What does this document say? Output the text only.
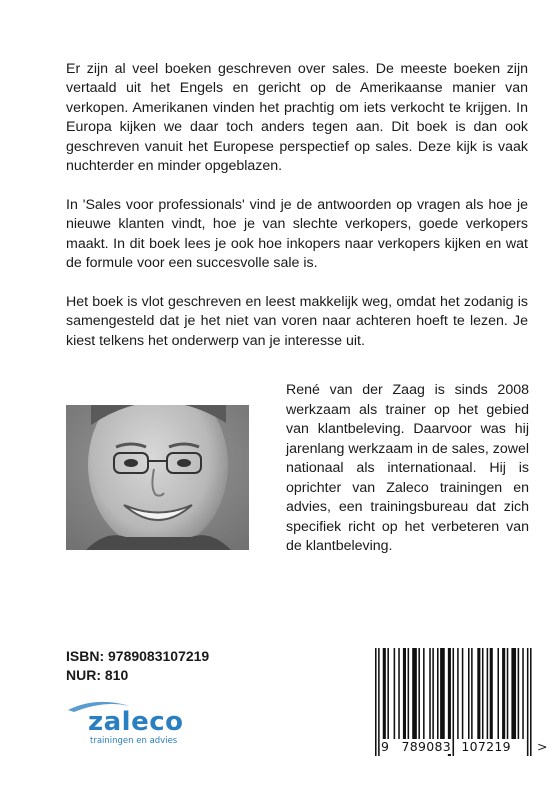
Er zijn al veel boeken geschreven over sales. De meeste boeken zijn vertaald uit het Engels en gericht op de Amerikaanse manier van verkopen. Amerikanen vinden het prachtig om iets verkocht te krijgen. In Europa kijken we daar toch anders tegen aan. Dit boek is dan ook geschreven vanuit het Europese perspectief op sales. Deze kijk is vaak nuchterder en minder opgeblazen.

In 'Sales voor professionals' vind je de antwoorden op vragen als hoe je nieuwe klanten vindt, hoe je van slechte verkopers, goede verkopers maakt. In dit boek lees je ook hoe inkopers naar verkopers kijken en wat de formule voor een succesvolle sale is.

Het boek is vlot geschreven en leest makkelijk weg, omdat het zodanig is samengesteld dat je het niet van voren naar achteren hoeft te lezen. Je kiest telkens het onderwerp van je interesse uit.

René van der Zaag is sinds 2008 werkzaam als trainer op het gebied van klantbeleving. Daarvoor was hij jarenlang werkzaam in de sales, zowel nationaal als internationaal. Hij is oprichter van Zaleco trainingen en advies, een trainingsbureau dat zich specifiek richt op het verbeteren van de klantbeleving.

ISBN: 9789083107219
NUR: 810
zaleco
trainingen en advies	9 789083 107219	>
